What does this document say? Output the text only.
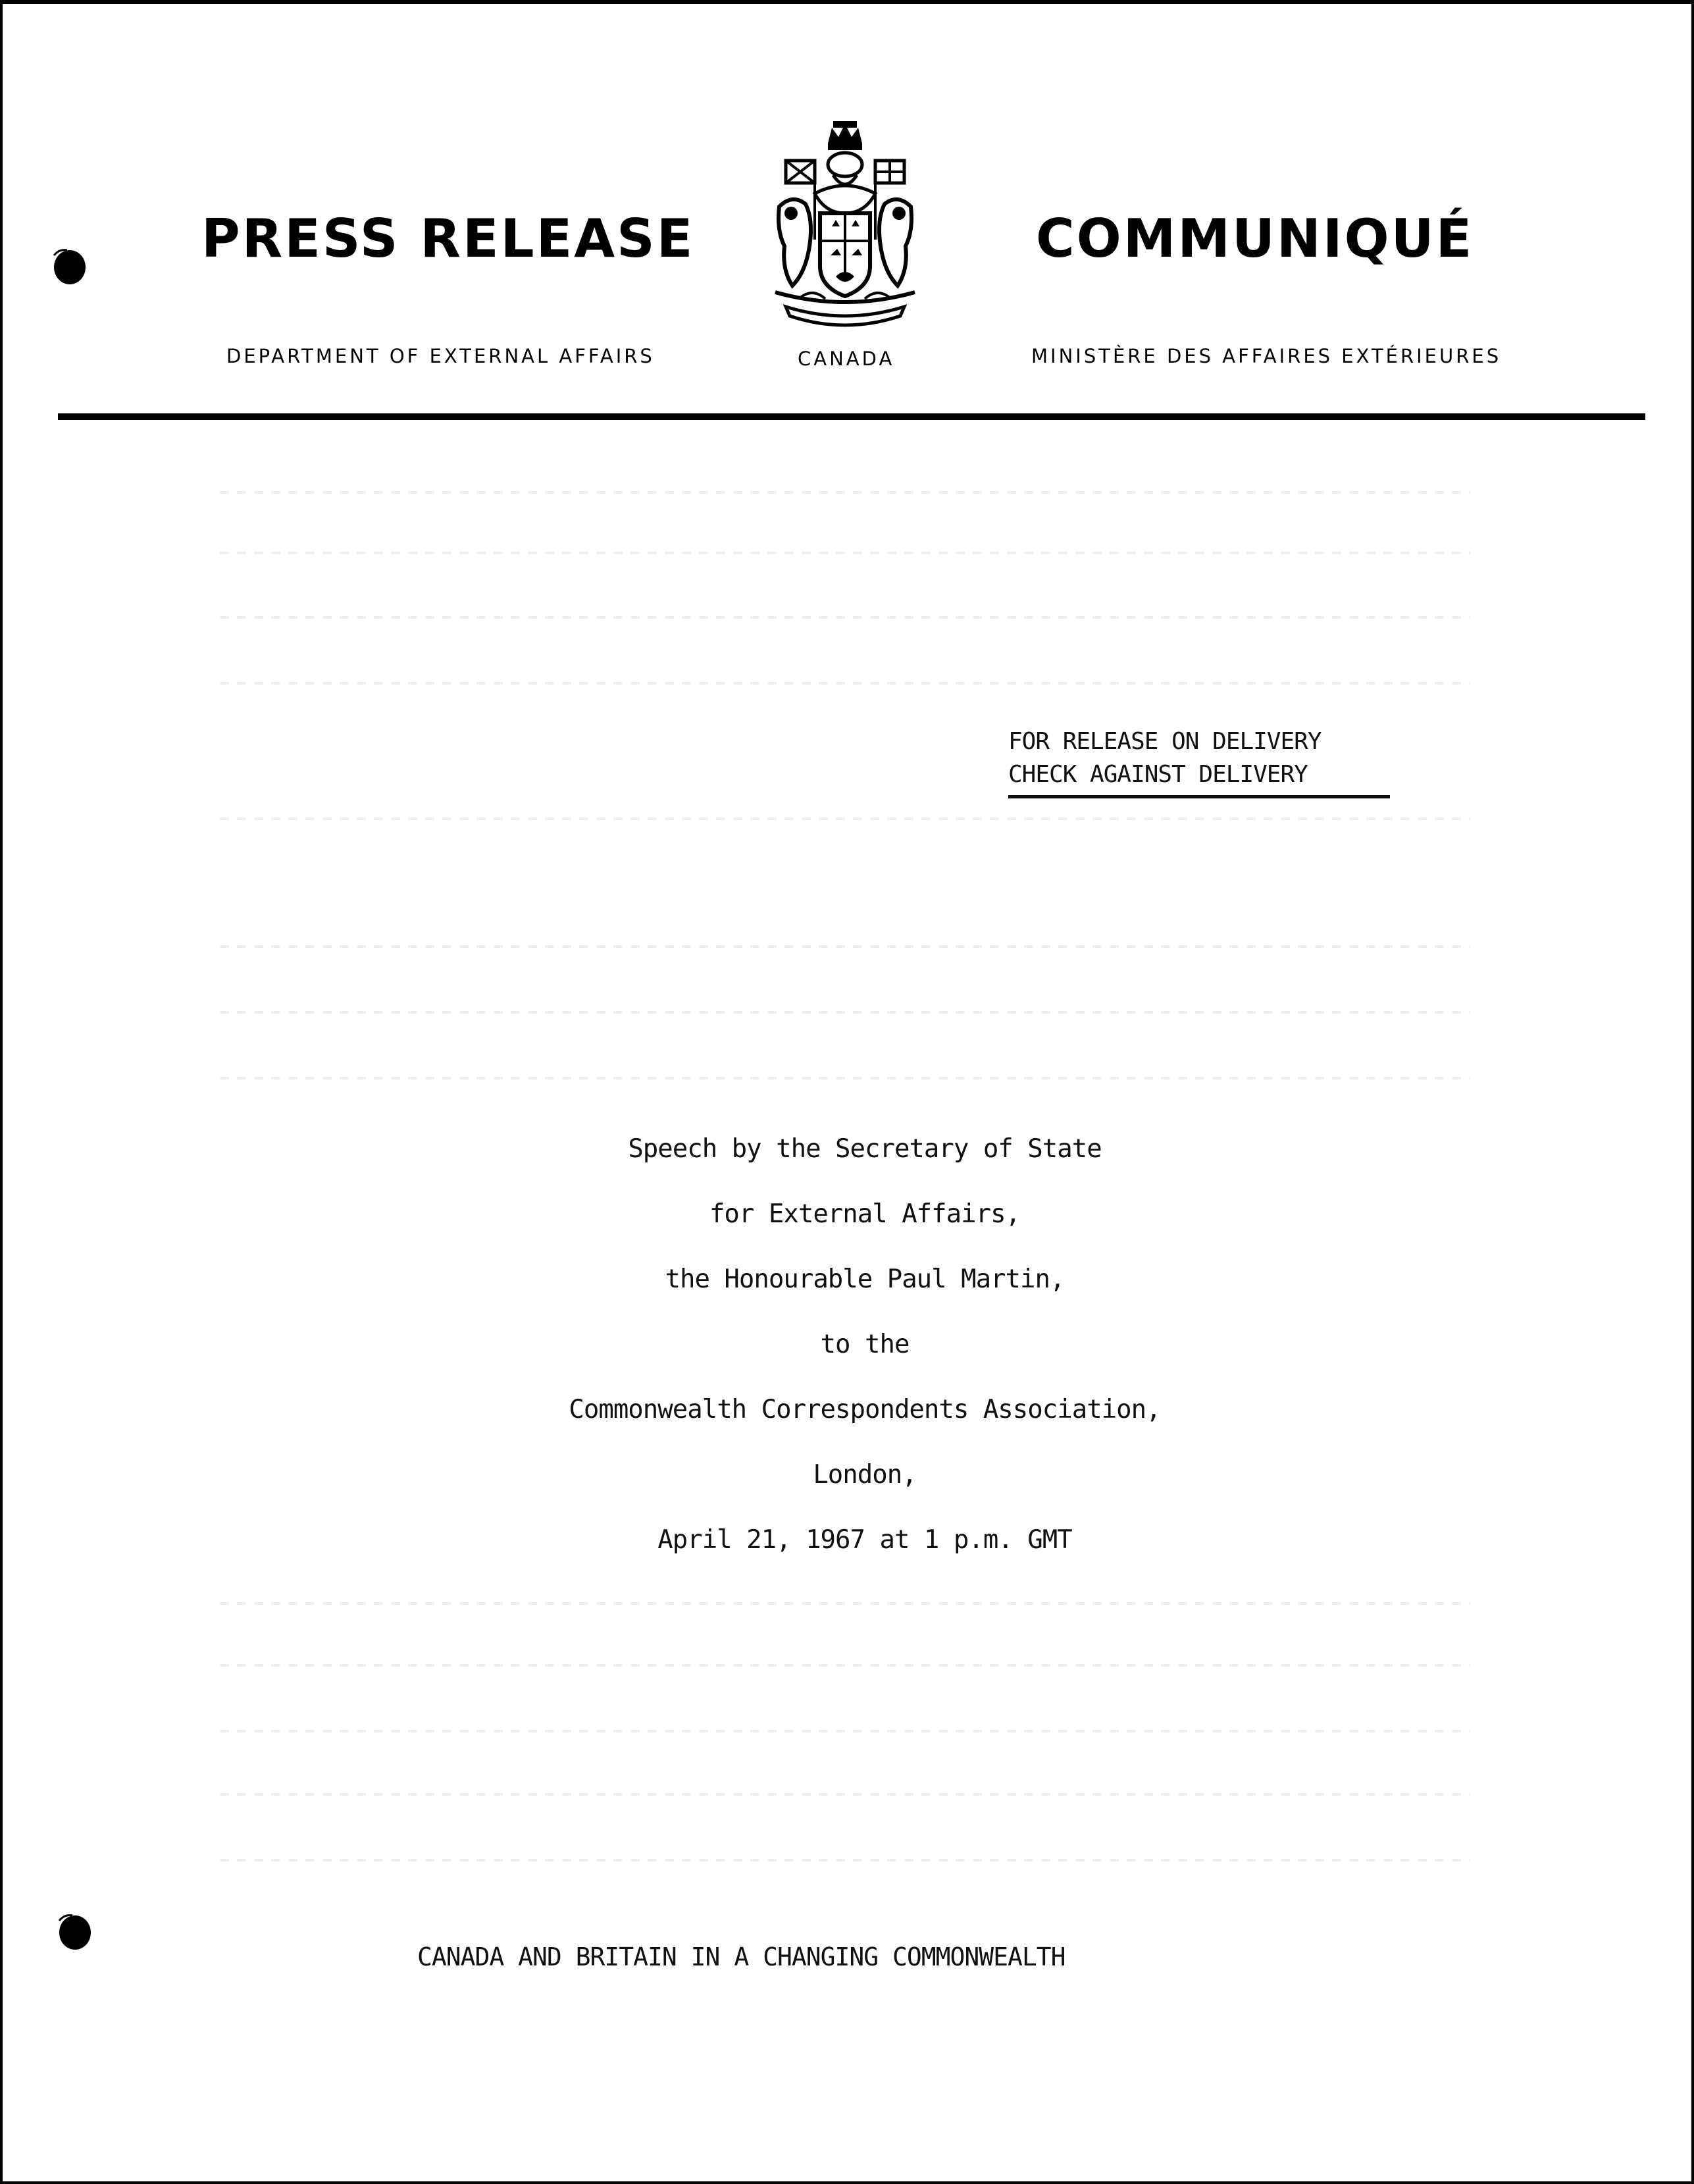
PRESS RELEASE
DEPARTMENT OF EXTERNAL AFFAIRS	CANADA
COMMUNIQUÉ
MINISTÈRE DES AFFAIRES EXTÉRIEURES
FOR RELEASE ON DELIVERY
CHECK AGAINST DELIVERY
Speech by the Secretary of State
for External Affairs,
the Honourable Paul Martin,
to the
Commonwealth Correspondents Association,
London,
April 21, 1967 at 1 p.m. GMT
CANADA AND BRITAIN IN A CHANGING COMMONWEALTH
